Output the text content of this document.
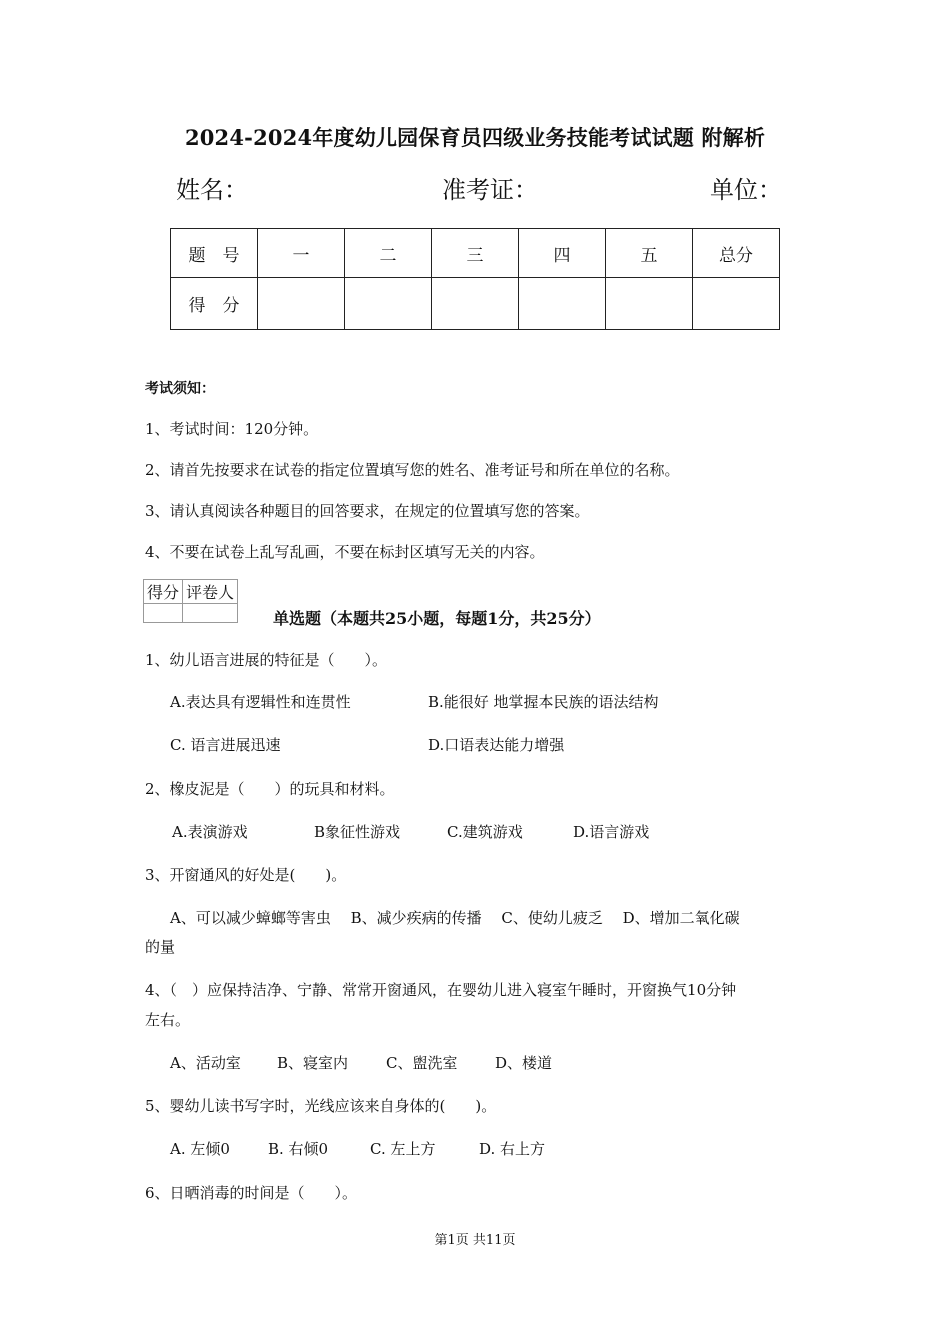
2024-2024年度幼儿园保育员四级业务技能考试试题 附解析
姓名：	准考证：	单位：
题　号	一	二	三	四	五	总分
得　分						
考试须知：
1、考试时间：120分钟。
2、请首先按要求在试卷的指定位置填写您的姓名、准考证号和所在单位的名称。
3、请认真阅读各种题目的回答要求，在规定的位置填写您的答案。
4、不要在试卷上乱写乱画，不要在标封区填写无关的内容。
得分	评卷人

单选题（本题共25小题，每题1分，共25分）
1、幼儿语言进展的特征是（　　）。
A.表达具有逻辑性和连贯性	B.能很好 地掌握本民族的语法结构
C. 语言进展迅速	D.口语表达能力增强
2、橡皮泥是（　　）的玩具和材料。
A.表演游戏	B象征性游戏	C.建筑游戏	D.语言游戏
3、开窗通风的好处是(　　)。
A、可以减少蟑螂等害虫　 B、减少疾病的传播　 C、使幼儿疲乏　 D、增加二氧化碳
的量
4、（　）应保持洁净、宁静、常常开窗通风，在婴幼儿进入寝室午睡时，开窗换气10分钟
左右。
A、活动室 B、寝室内	C、盥洗室	D、楼道
5、婴幼儿读书写字时，光线应该来自身体的(　　)。
A. 左倾0	B. 右倾0	C. 左上方	D. 右上方
6、日晒消毒的时间是（　　）。
第1页 共11页
